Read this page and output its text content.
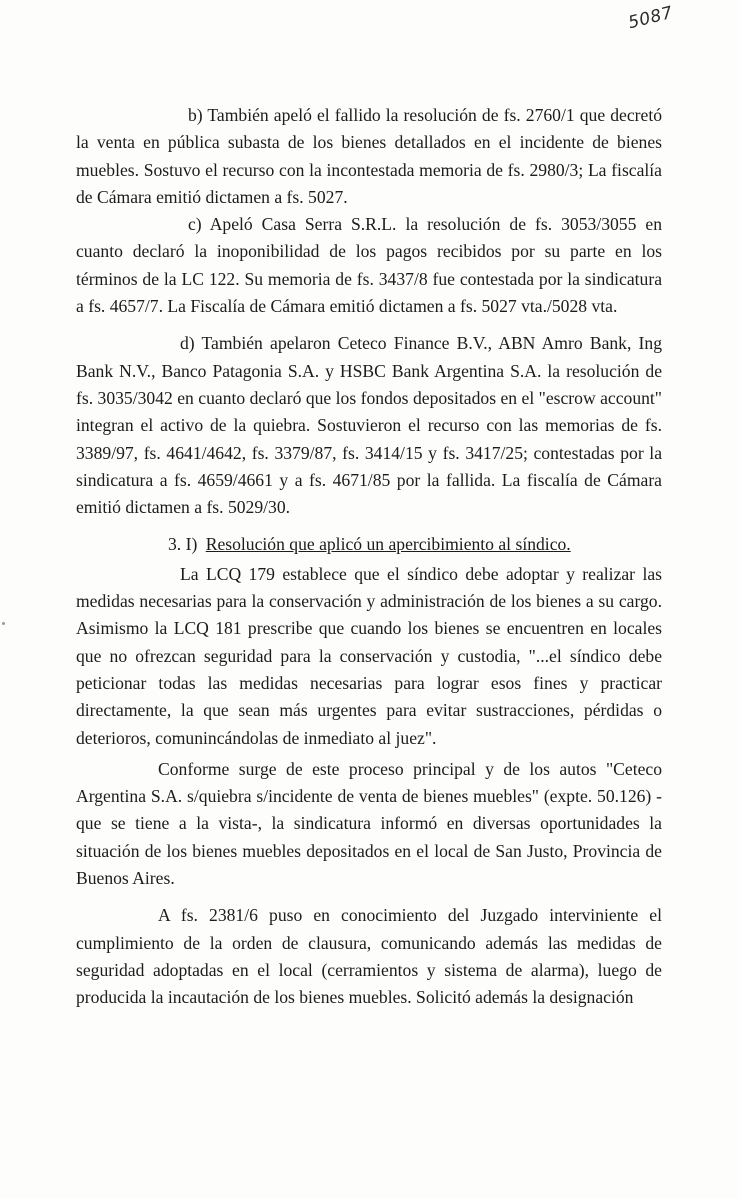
5087

b) También apeló el fallido la resolución de fs. 2760/1 que decretó la venta en pública subasta de los bienes detallados en el incidente de bienes muebles. Sostuvo el recurso con la incontestada memoria de fs. 2980/3; La fiscalía de Cámara emitió dictamen a fs. 5027.

c) Apeló Casa Serra S.R.L. la resolución de fs. 3053/3055 en cuanto declaró la inoponibilidad de los pagos recibidos por su parte en los términos de la LC 122. Su memoria de fs. 3437/8 fue contestada por la sindicatura a fs. 4657/7. La Fiscalía de Cámara emitió dictamen a fs. 5027 vta./5028 vta.

d) También apelaron Ceteco Finance B.V., ABN Amro Bank, Ing Bank N.V., Banco Patagonia S.A. y HSBC Bank Argentina S.A. la resolución de fs. 3035/3042 en cuanto declaró que los fondos depositados en el "escrow account" integran el activo de la quiebra. Sostuvieron el recurso con las memorias de fs. 3389/97, fs. 4641/4642, fs. 3379/87, fs. 3414/15 y fs. 3417/25; contestadas por la sindicatura a fs. 4659/4661 y a fs. 4671/85 por la fallida. La fiscalía de Cámara emitió dictamen a fs. 5029/30.

3. I) Resolución que aplicó un apercibimiento al síndico.

La LCQ 179 establece que el síndico debe adoptar y realizar las medidas necesarias para la conservación y administración de los bienes a su cargo. Asimismo la LCQ 181 prescribe que cuando los bienes se encuentren en locales que no ofrezcan seguridad para la conservación y custodia, "...el síndico debe peticionar todas las medidas necesarias para lograr esos fines y practicar directamente, la que sean más urgentes para evitar sustracciones, pérdidas o deterioros, comunincándolas de inmediato al juez".

Conforme surge de este proceso principal y de los autos "Ceteco Argentina S.A. s/quiebra s/incidente de venta de bienes muebles" (expte. 50.126) -que se tiene a la vista-, la sindicatura informó en diversas oportunidades la situación de los bienes muebles depositados en el local de San Justo, Provincia de Buenos Aires.

A fs. 2381/6 puso en conocimiento del Juzgado interviniente el cumplimiento de la orden de clausura, comunicando además las medidas de seguridad adoptadas en el local (cerramientos y sistema de alarma), luego de producida la incautación de los bienes muebles. Solicitó además la designación
